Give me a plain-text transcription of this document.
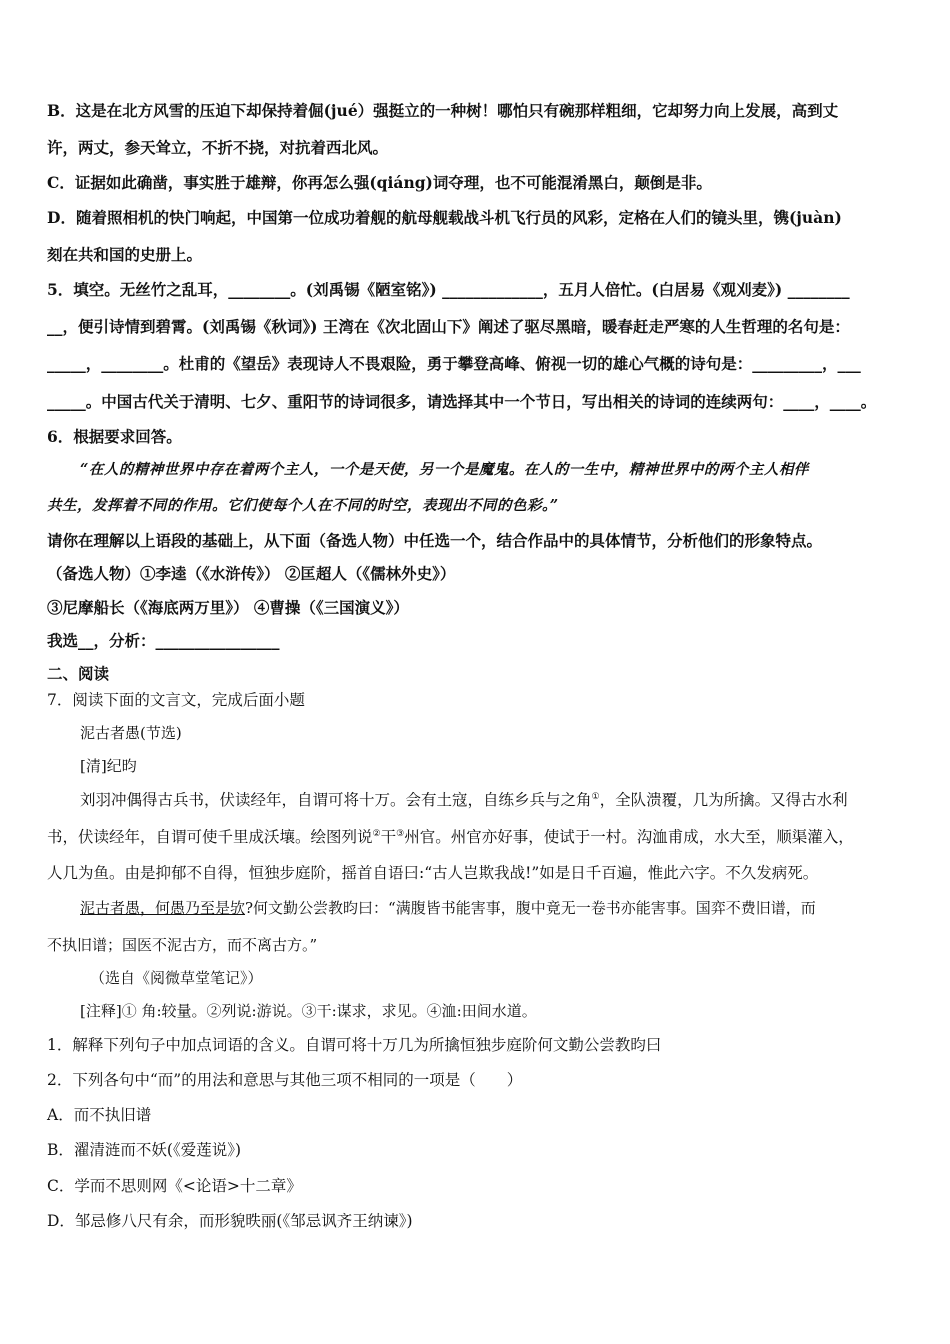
B．这是在北方风雪的压迫下却保持着倔(jué）强挺立的一种树！哪怕只有碗那样粗细，它却努力向上发展，高到丈
许，两丈，参天耸立，不折不挠，对抗着西北风。
C．证据如此确凿，事实胜于雄辩，你再怎么强(qiáng)词夺理，也不可能混淆黑白，颠倒是非。
D．随着照相机的快门响起，中国第一位成功着舰的航母舰载战斗机飞行员的风彩，定格在人们的镜头里，镌(juàn)
刻在共和国的史册上。
5．填空。无丝竹之乱耳，________。(刘禹锡《陋室铭》) _____________，五月人倍忙。(白居易《观刈麦》) ________
__，便引诗情到碧霄。(刘禹锡《秋词》) 王湾在《次北固山下》阐述了驱尽黑暗，暖春赶走严寒的人生哲理的名句是：
_____，________。杜甫的《望岳》表现诗人不畏艰险，勇于攀登高峰、俯视一切的雄心气概的诗句是：_________，___
_____。中国古代关于清明、七夕、重阳节的诗词很多，请选择其中一个节日，写出相关的诗词的连续两句：____，____。
6．根据要求回答。
“在人的精神世界中存在着两个主人，一个是天使，另一个是魔鬼。在人的一生中，精神世界中的两个主人相伴
共生，发挥着不同的作用。它们使每个人在不同的时空，表现出不同的色彩。”
请你在理解以上语段的基础上，从下面（备选人物）中任选一个，结合作品中的具体情节，分析他们的形象特点。
（备选人物）①李逵（《水浒传》） ②匡超人（《儒林外史》）
③尼摩船长（《海底两万里》） ④曹操（《三国演义》）
我选__，分析：________________
二、阅读
7．阅读下面的文言文，完成后面小题
泥古者愚(节选)
[清]纪昀
刘羽冲偶得古兵书，伏读经年，自谓可将十万。会有土寇，自练乡兵与之角①，全队溃覆，几为所擒。又得古水利
书，伏读经年，自谓可使千里成沃壤。绘图列说②干③州官。州官亦好事，使试于一村。沟洫甫成，水大至，顺渠灌入，
人几为鱼。由是抑郁不自得，恒独步庭阶，摇首自语曰:“古人岂欺我战!”如是日千百遍，惟此六字。不久发病死。
泥古者愚，何愚乃至是欤?何文勤公尝教昀曰：“满腹皆书能害事，腹中竟无一卷书亦能害事。国弈不费旧谱，而
不执旧谱；国医不泥古方，而不离古方。”
（选自《阅微草堂笔记》）
[注释]① 角:较量。②列说:游说。③干:谋求，求见。④洫:田间水道。
1．解释下列句子中加点词语的含义。自谓可将十万几为所擒恒独步庭阶何文勤公尝教昀曰
2．下列各句中“而”的用法和意思与其他三项不相同的一项是（　　）
A．而不执旧谱
B．濯清涟而不妖(《爱莲说》)
C．学而不思则网《<论语>十二章》
D．邹忌修八尺有余，而形貌昳丽(《邹忌讽齐王纳谏》)
